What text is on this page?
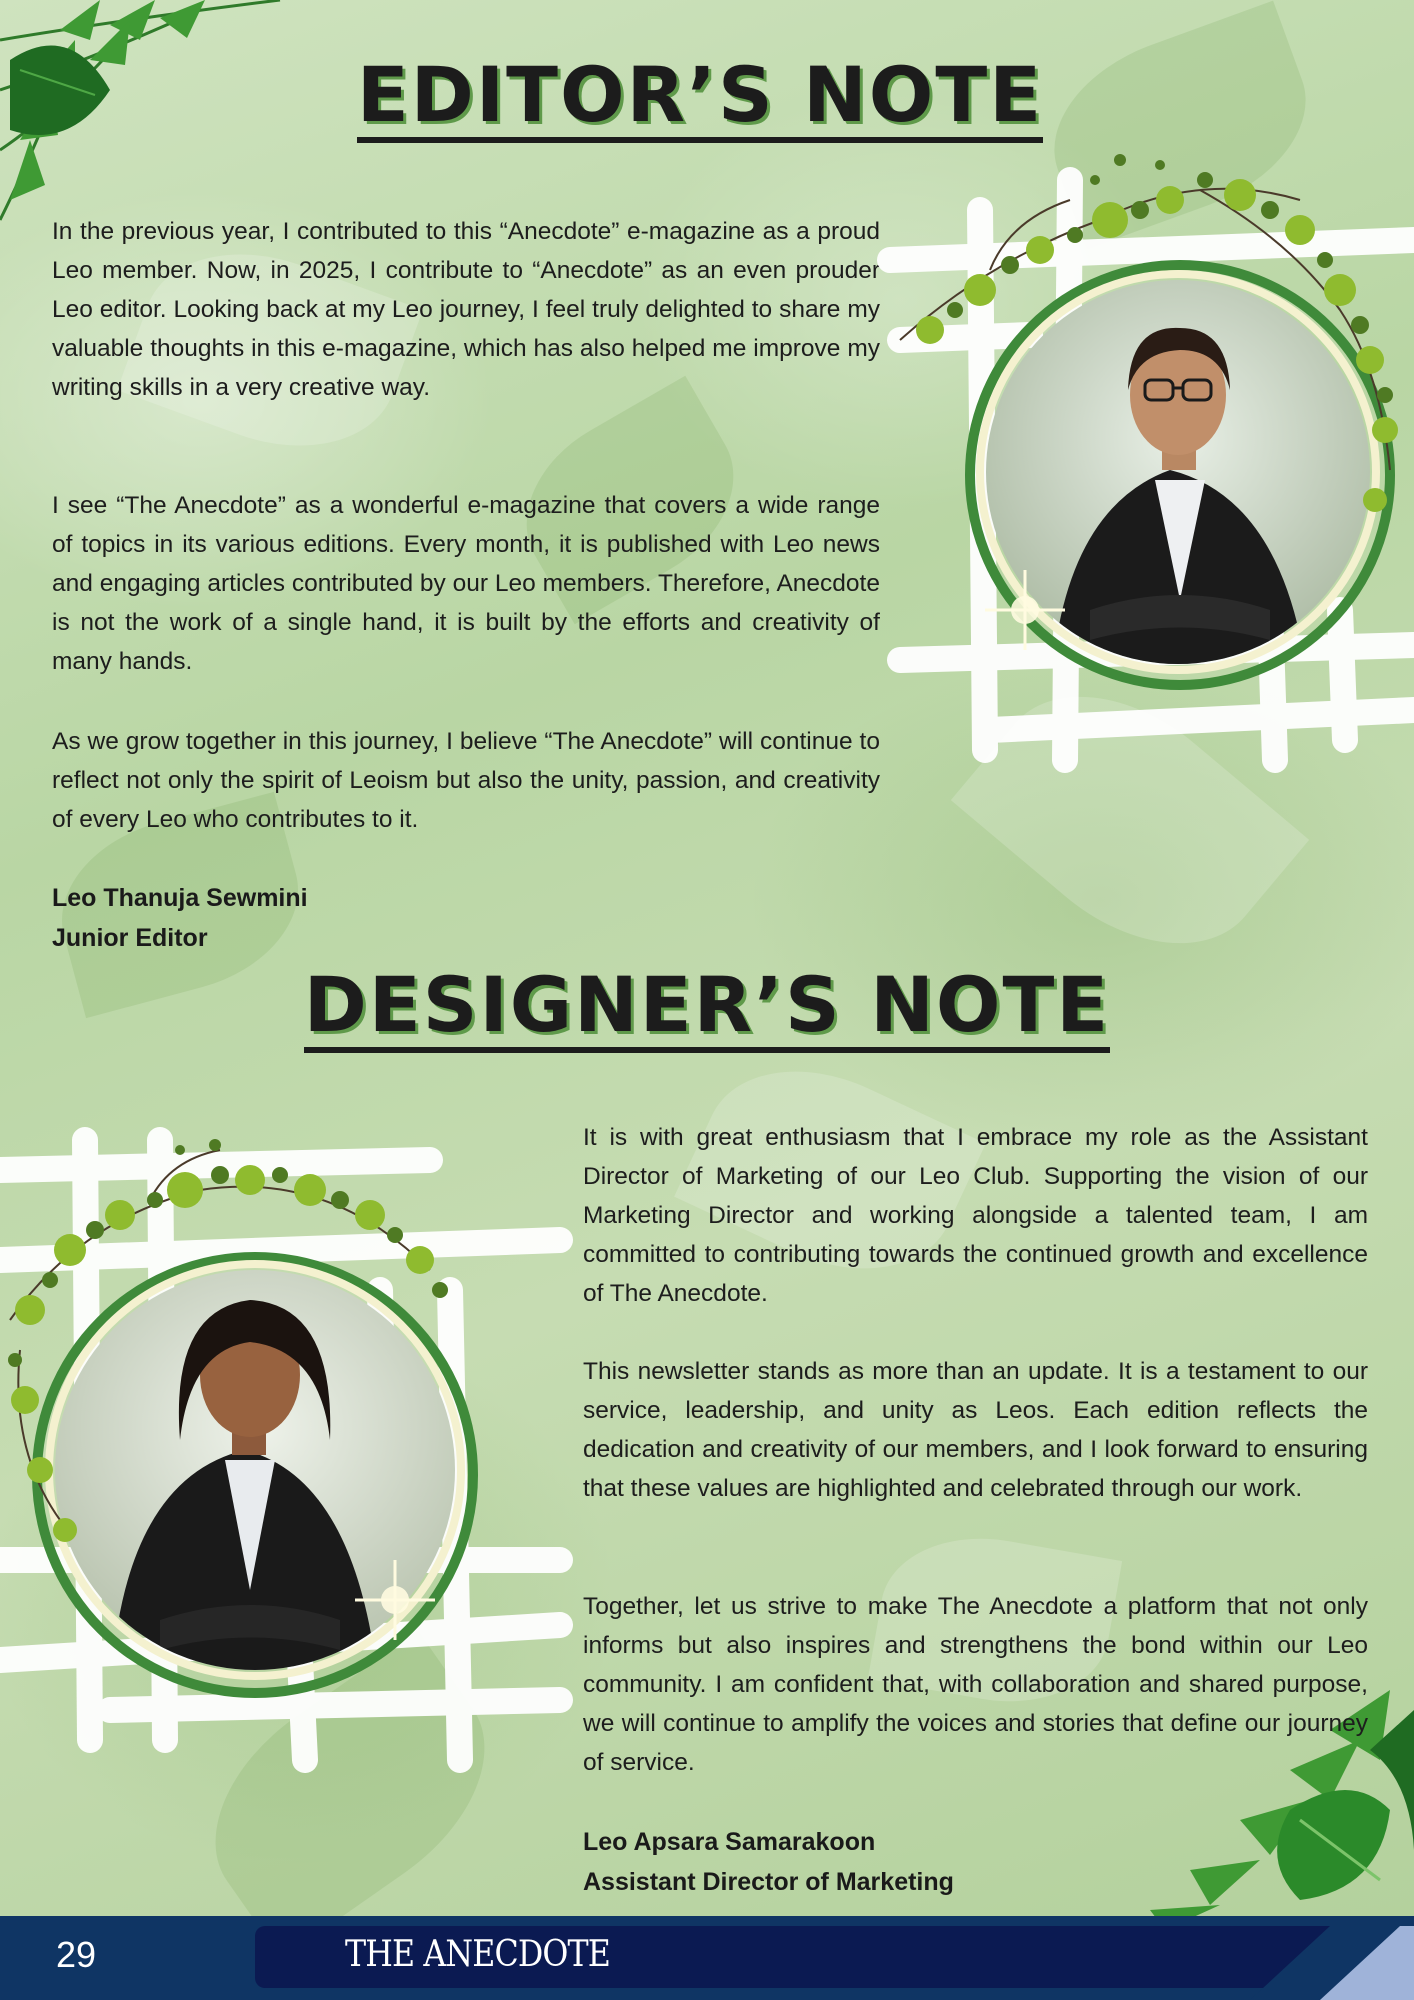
EDITOR’S NOTE

In the previous year, I contributed to this “Anecdote” e-magazine as a proud Leo member. Now, in 2025, I contribute to “Anecdote” as an even prouder Leo editor. Looking back at my Leo journey, I feel truly delighted to share my valuable thoughts in this e-magazine, which has also helped me improve my writing skills in a very creative way.

I see “The Anecdote” as a wonderful e-magazine that covers a wide range of topics in its various editions. Every month, it is published with Leo news and engaging articles contributed by our Leo members. Therefore, Anecdote is not the work of a single hand, it is built by the efforts and creativity of many hands.

As we grow together in this journey, I believe “The Anecdote” will continue to reflect not only the spirit of Leoism but also the unity, passion, and creativity of every Leo who contributes to it.

Leo Thanuja Sewmini

Junior Editor

DESIGNER’S NOTE

It is with great enthusiasm that I embrace my role as the Assistant Director of Marketing of our Leo Club. Supporting the vision of our Marketing Director and working alongside a talented team, I am committed to contributing towards the continued growth and excellence of The Anecdote.

This newsletter stands as more than an update. It is a testament to our service, leadership, and unity as Leos. Each edition reflects the dedication and creativity of our members, and I look forward to ensuring that these values are highlighted and celebrated through our work.

Together, let us strive to make The Anecdote a platform that not only informs but also inspires and strengthens the bond within our Leo community. I am confident that, with collaboration and shared purpose, we will continue to amplify the voices and stories that define our journey of service.

Leo Apsara Samarakoon

Assistant Director of Marketing

29	THE ANECDOTE
